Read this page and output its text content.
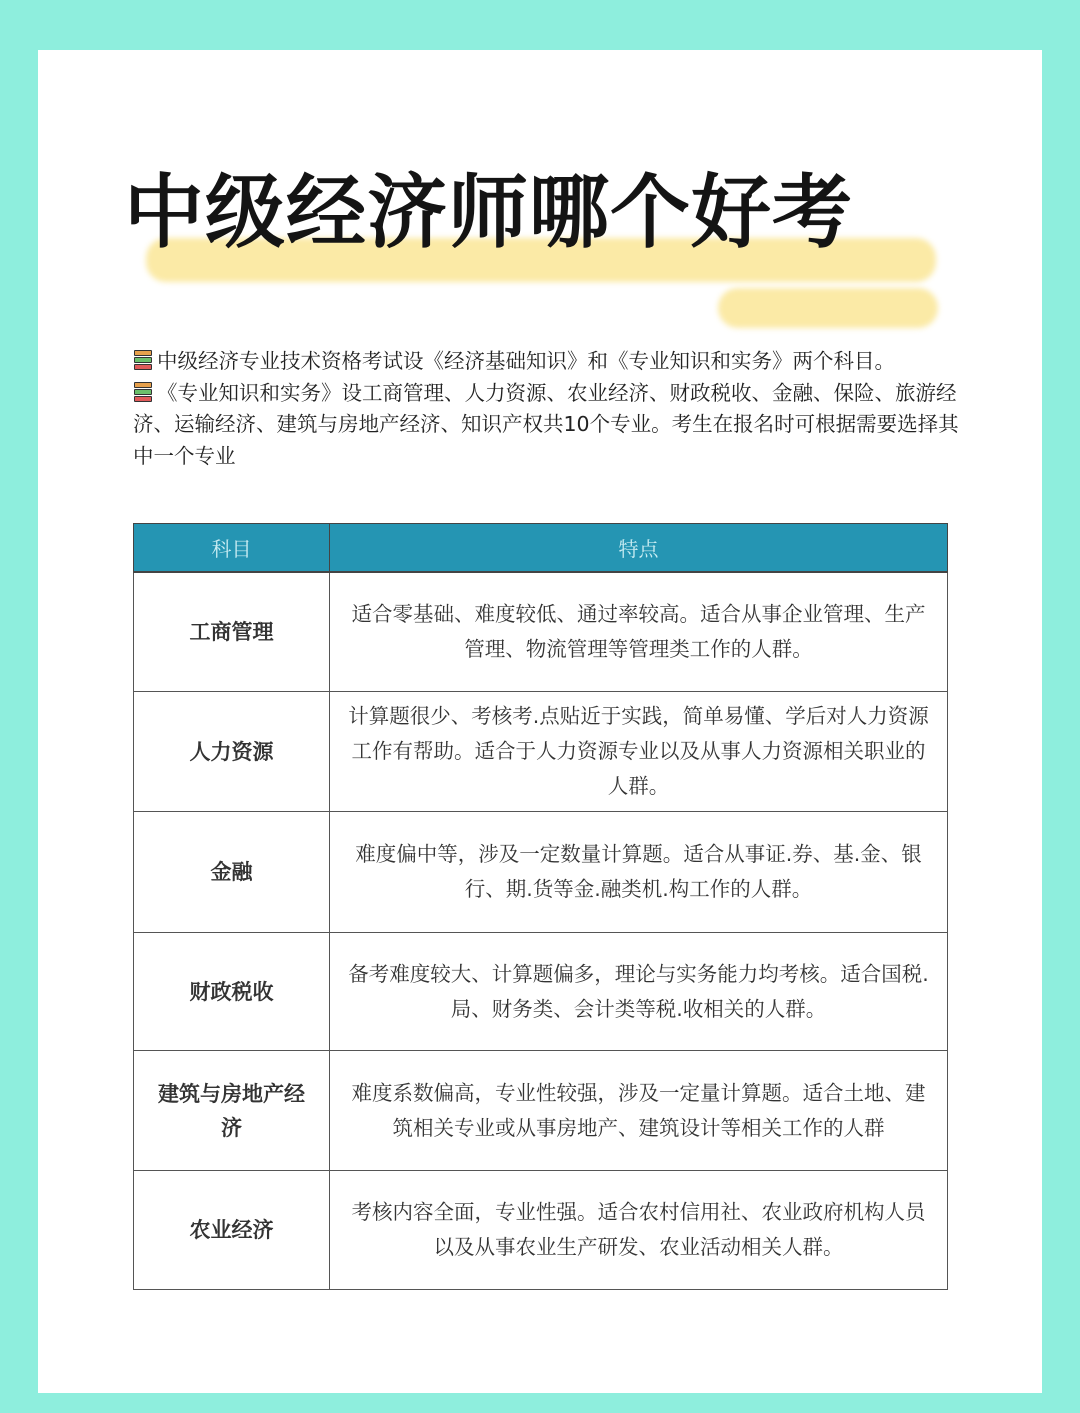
中级经济师哪个好考
中级经济专业技术资格考试设《经济基础知识》和《专业知识和实务》两个科目。
《专业知识和实务》设工商管理、人力资源、农业经济、财政税收、金融、保险、旅游经 济、运输经济、建筑与房地产经济、知识产权共10个专业。考生在报名时可根据需要选择其中一个专业
科目	特点
工商管理	适合零基础、难度较低、通过率较高。适合从事企业管理、生产管理、物流管理等管理类工作的人群。
人力资源	计算题很少、考核考.点贴近于实践，简单易懂、学后对人力资源工作有帮助。适合于人力资源专业以及从事人力资源相关职业的人群。
金融	难度偏中等，涉及一定数量计算题。适合从事证.券、基.金、银行、期.货等金.融类机.构工作的人群。
财政税收	备考难度较大、计算题偏多，理论与实务能力均考核。适合国税.局、财务类、会计类等税.收相关的人群。
建筑与房地产经济	难度系数偏高，专业性较强，涉及一定量计算题。适合土地、建筑相关专业或从事房地产、建筑设计等相关工作的人群
农业经济	考核内容全面，专业性强。适合农村信用社、农业政府机构人员以及从事农业生产研发、农业活动相关人群。
